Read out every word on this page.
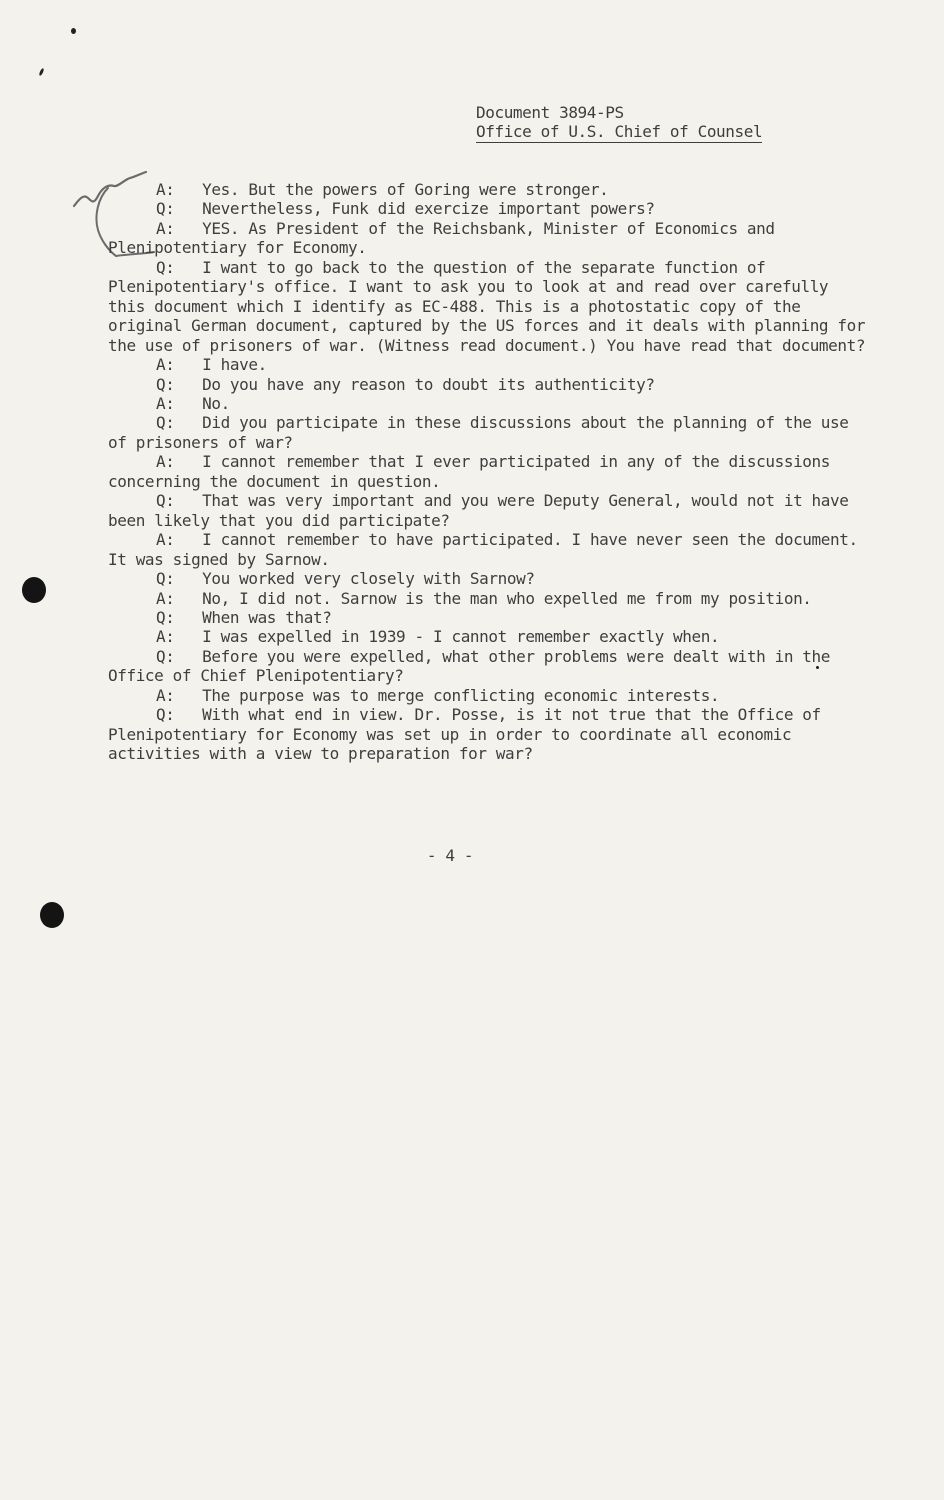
Document 3894-PS
Office of U.S. Chief of Counsel

A: Yes. But the powers of Goring were stronger.

Q: Nevertheless, Funk did exercize important powers?

A: YES. As President of the Reichsbank, Minister of Economics and Plenipotentiary for Economy.

Q: I want to go back to the question of the separate function of Plenipotentiary's office. I want to ask you to look at and read over carefully this document which I identify as EC-488. This is a photostatic copy of the original German document, captured by the US forces and it deals with planning for the use of prisoners of war. (Witness read document.) You have read that document?

A: I have.

Q: Do you have any reason to doubt its authenticity?

A: No.

Q: Did you participate in these discussions about the planning of the use of prisoners of war?

A: I cannot remember that I ever participated in any of the discussions concerning the document in question.

Q: That was very important and you were Deputy General, would not it have been likely that you did participate?

A: I cannot remember to have participated. I have never seen the document. It was signed by Sarnow.

Q: You worked very closely with Sarnow?

A: No, I did not. Sarnow is the man who expelled me from my position.

Q: When was that?

A: I was expelled in 1939 - I cannot remember exactly when.

Q: Before you were expelled, what other problems were dealt with in the Office of Chief Plenipotentiary?

A: The purpose was to merge conflicting economic interests.

Q: With what end in view. Dr. Posse, is it not true that the Office of Plenipotentiary for Economy was set up in order to coordinate all economic activities with a view to preparation for war?

- 4 -
